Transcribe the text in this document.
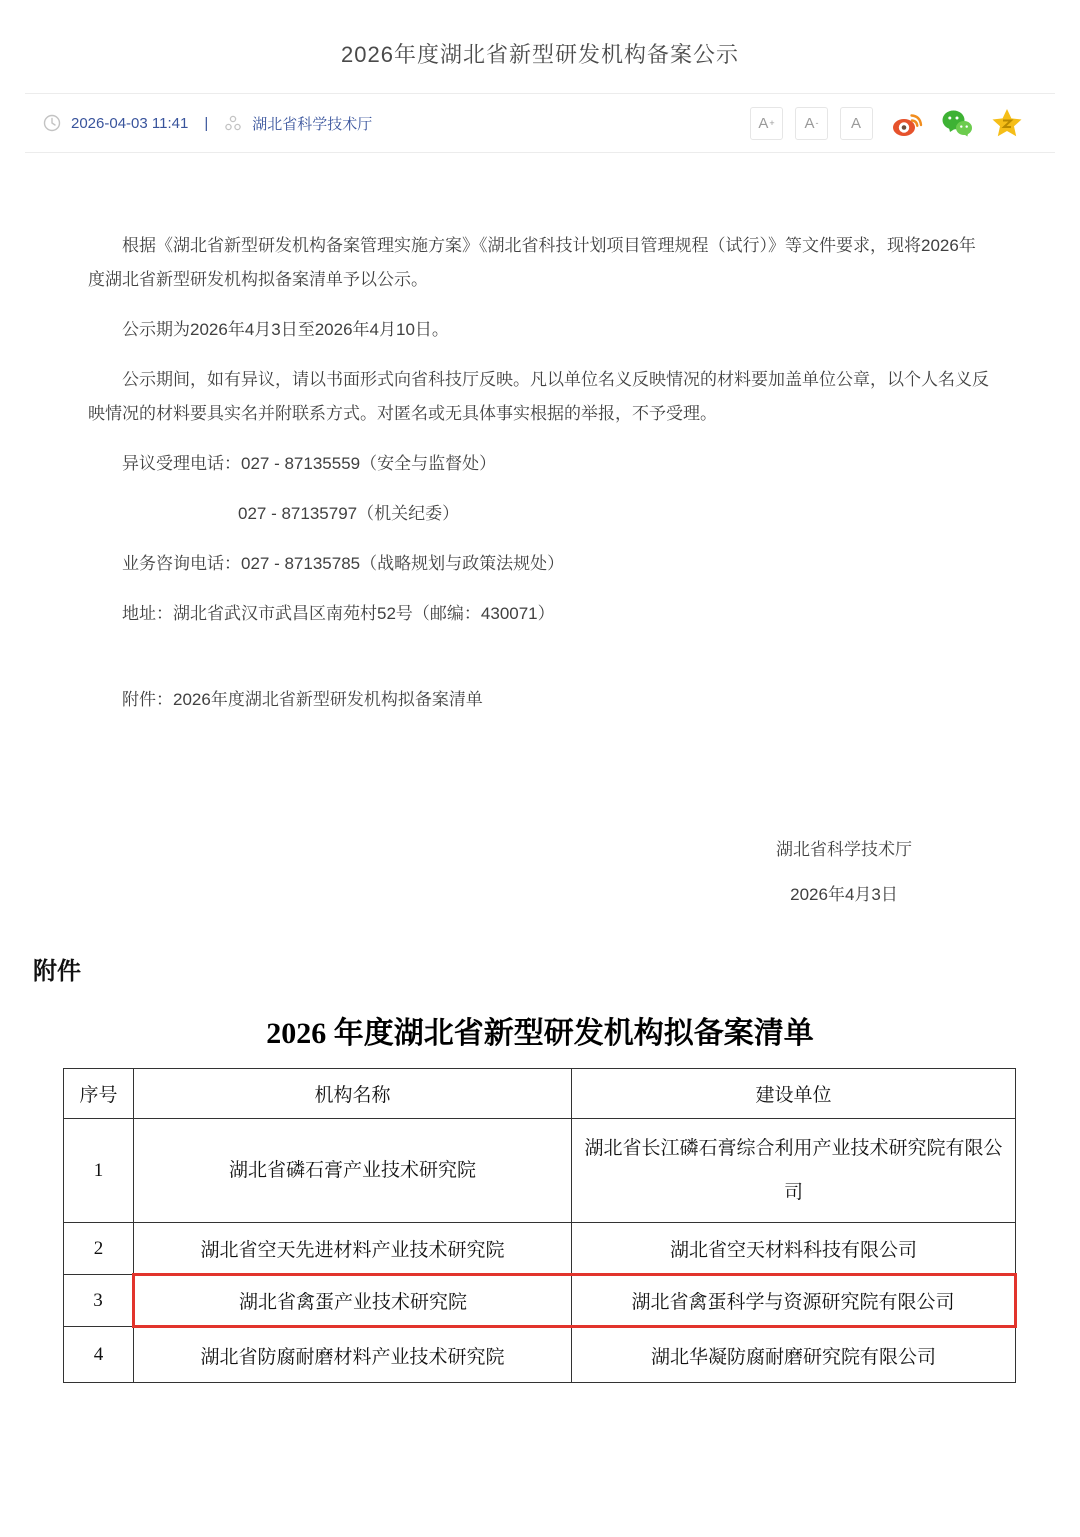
2026年度湖北省新型研发机构备案公示
2026-04-03 11:41 |	湖北省科学技术厅	A + A - A

根据《湖北省新型研发机构备案管理实施方案》《湖北省科技计划项目管理规程（试行）》等文件要求，现将2026年度湖北省新型研发机构拟备案清单予以公示。

公示期为2026年4月3日至2026年4月10日。

公示期间，如有异议，请以书面形式向省科技厅反映。凡以单位名义反映情况的材料要加盖单位公章，以个人名义反映情况的材料要具实名并附联系方式。对匿名或无具体事实根据的举报，不予受理。

异议受理电话：027 - 87135559（安全与监督处）

027 - 87135797（机关纪委）

业务咨询电话：027 - 87135785（战略规划与政策法规处）

地址：湖北省武汉市武昌区南苑村52号（邮编：430071）

附件：2026年度湖北省新型研发机构拟备案清单

湖北省科学技术厅
2026年4月3日
附件
2026 年度湖北省新型研发机构拟备案清单
序号	机构名称	建设单位
1	湖北省磷石膏产业技术研究院	湖北省长江磷石膏综合利用产业技术研究院有限公司
2	湖北省空天先进材料产业技术研究院	湖北省空天材料科技有限公司
3	湖北省禽蛋产业技术研究院	湖北省禽蛋科学与资源研究院有限公司
4	湖北省防腐耐磨材料产业技术研究院	湖北华凝防腐耐磨研究院有限公司
